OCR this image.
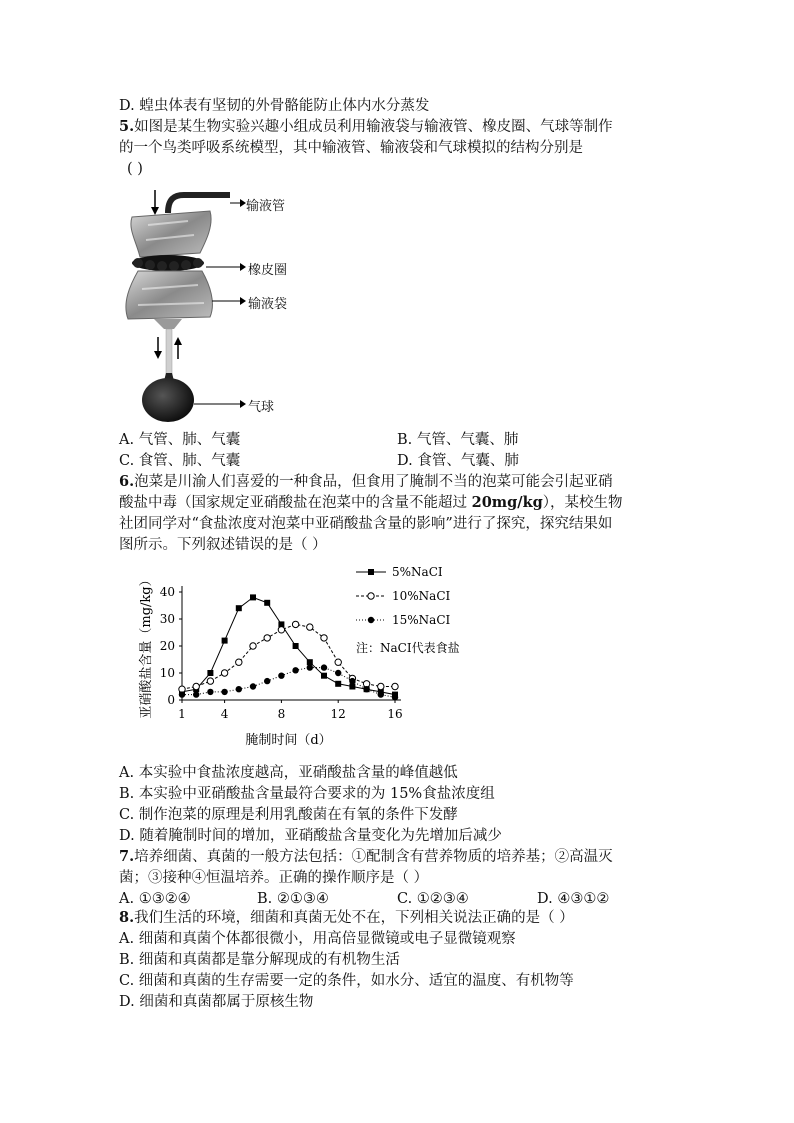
D. 蝗虫体表有坚韧的外骨骼能防止体内水分蒸发
5.如图是某生物实验兴趣小组成员利用输液袋与输液管、橡皮圈、气球等制作
的一个鸟类呼吸系统模型，其中输液管、输液袋和气球模拟的结构分别是
( )
输液管
橡皮圈
输液袋
气球
A. 气管、肺、气囊	B. 气管、气囊、肺
C. 食管、肺、气囊	D. 食管、气囊、肺
6.泡菜是川渝人们喜爱的一种食品，但食用了腌制不当的泡菜可能会引起亚硝
酸盐中毒（国家规定亚硝酸盐在泡菜中的含量不能超过 20mg/kg），某校生物
社团同学对“食盐浓度对泡菜中亚硝酸盐含量的影响”进行了探究，探究结果如
图所示。下列叙述错误的是（ ）
0
10
20
30
40
1	4	8	12	16
腌制时间（d）
亚硝酸盐含量（mg/kg）
5%NaCI
10%NaCI
15%NaCI
注：NaCI代表食盐
A. 本实验中食盐浓度越高，亚硝酸盐含量的峰值越低
B. 本实验中亚硝酸盐含量最符合要求的为 15%食盐浓度组
C. 制作泡菜的原理是利用乳酸菌在有氧的条件下发酵
D. 随着腌制时间的增加，亚硝酸盐含量变化为先增加后减少
7.培养细菌、真菌的一般方法包括：①配制含有营养物质的培养基；②高温灭
菌；③接种④恒温培养。正确的操作顺序是（ ）
A. ①③②④	B. ②①③④	C. ①②③④	D. ④③①②
8.我们生活的环境，细菌和真菌无处不在，下列相关说法正确的是（ ）
A. 细菌和真菌个体都很微小，用高倍显微镜或电子显微镜观察
B. 细菌和真菌都是靠分解现成的有机物生活
C. 细菌和真菌的生存需要一定的条件，如水分、适宜的温度、有机物等
D. 细菌和真菌都属于原核生物
